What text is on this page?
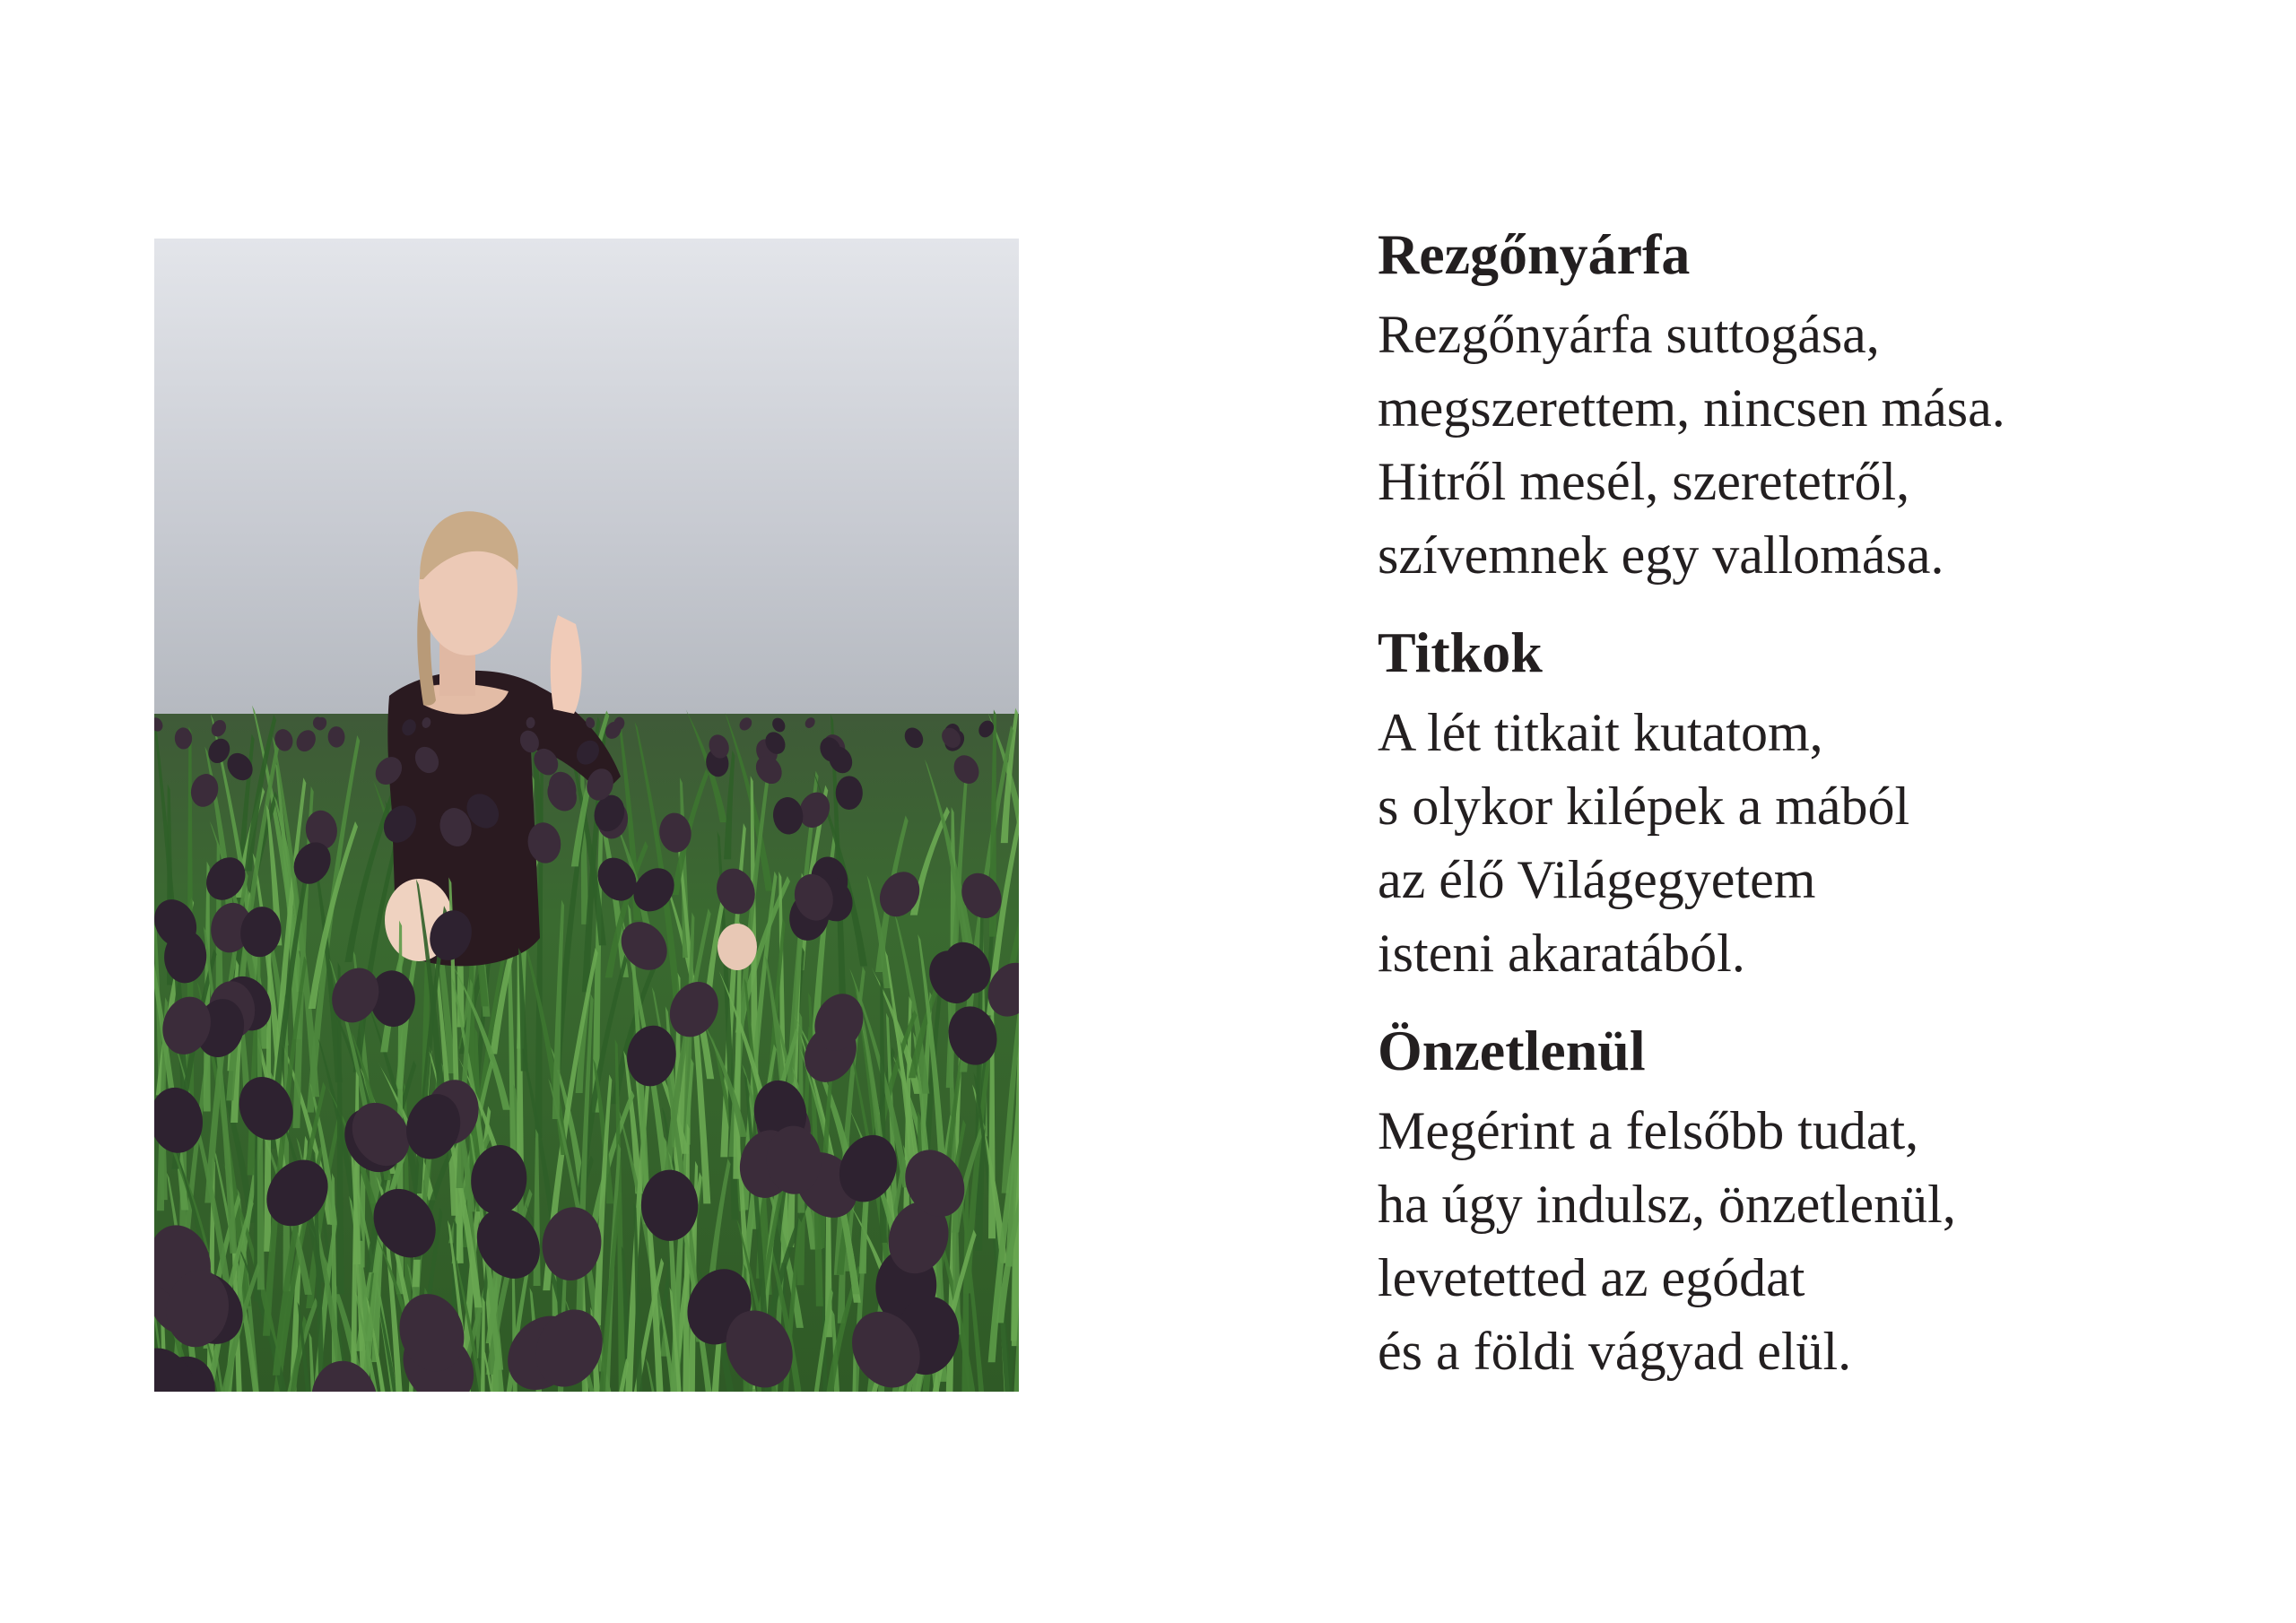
Rezgőnyárfa
Rezgőnyárfa suttogása,
megszerettem, nincsen mása.
Hitről mesél, szeretetről,
szívemnek egy vallomása.
Titkok
A lét titkait kutatom,
s olykor kilépek a mából
az élő Világegyetem
isteni akaratából.
Önzetlenül
Megérint a felsőbb tudat,
ha úgy indulsz, önzetlenül,
levetetted az egódat
és a földi vágyad elül.
